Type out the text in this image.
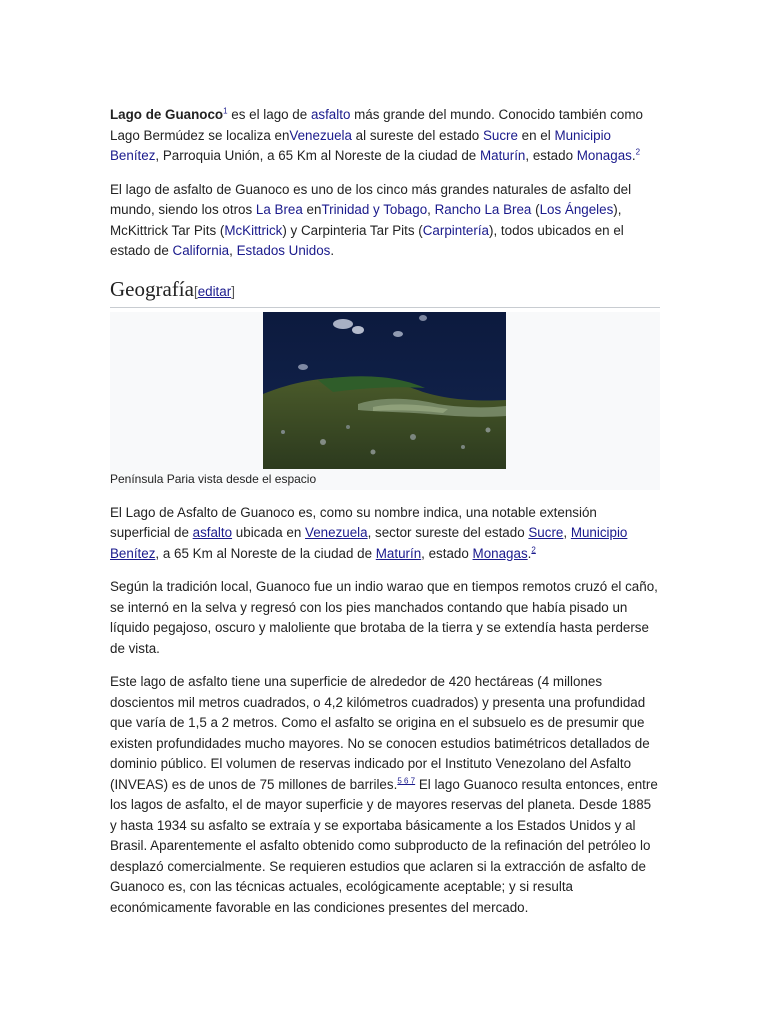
Lago de Guanoco$^1$ es el lago de asfalto más grande del mundo. Conocido también como Lago Bermúdez se localiza enVenezuela al sureste del estado Sucre en el Municipio Benítez, Parroquia Unión, a 65 Km al Noreste de la ciudad de Maturín, estado Monagas.$^2$

El lago de asfalto de Guanoco es uno de los cinco más grandes naturales de asfalto del mundo, siendo los otros La Brea enTrinidad y Tobago, Rancho La Brea (Los Ángeles), McKittrick Tar Pits (McKittrick) y Carpinteria Tar Pits (Carpintería), todos ubicados en el estado de California, Estados Unidos.

Geografía[editar]
Península Paria vista desde el espacio

El Lago de Asfalto de Guanoco es, como su nombre indica, una notable extensión superficial de asfalto ubicada en Venezuela, sector sureste del estado Sucre, Municipio Benítez, a 65 Km al Noreste de la ciudad de Maturín, estado Monagas.$^2$

Según la tradición local, Guanoco fue un indio warao que en tiempos remotos cruzó el caño, se internó en la selva y regresó con los pies manchados contando que había pisado un líquido pegajoso, oscuro y maloliente que brotaba de la tierra y se extendía hasta perderse de vista.

Este lago de asfalto tiene una superficie de alrededor de 420 hectáreas (4 millones doscientos mil metros cuadrados, o 4,2 kilómetros cuadrados) y presenta una profundidad que varía de 1,5 a 2 metros. Como el asfalto se origina en el subsuelo es de presumir que existen profundidades mucho mayores. No se conocen estudios batimétricos detallados de dominio público. El volumen de reservas indicado por el Instituto Venezolano del Asfalto (INVEAS) es de unos de 75 millones de barriles.$^{5 6 7}$ El lago Guanoco resulta entonces, entre los lagos de asfalto, el de mayor superficie y de mayores reservas del planeta. Desde 1885 y hasta 1934 su asfalto se extraía y se exportaba básicamente a los Estados Unidos y al Brasil. Aparentemente el asfalto obtenido como subproducto de la refinación del petróleo lo desplazó comercialmente. Se requieren estudios que aclaren si la extracción de asfalto de Guanoco es, con las técnicas actuales, ecológicamente aceptable; y si resulta económicamente favorable en las condiciones presentes del mercado.
